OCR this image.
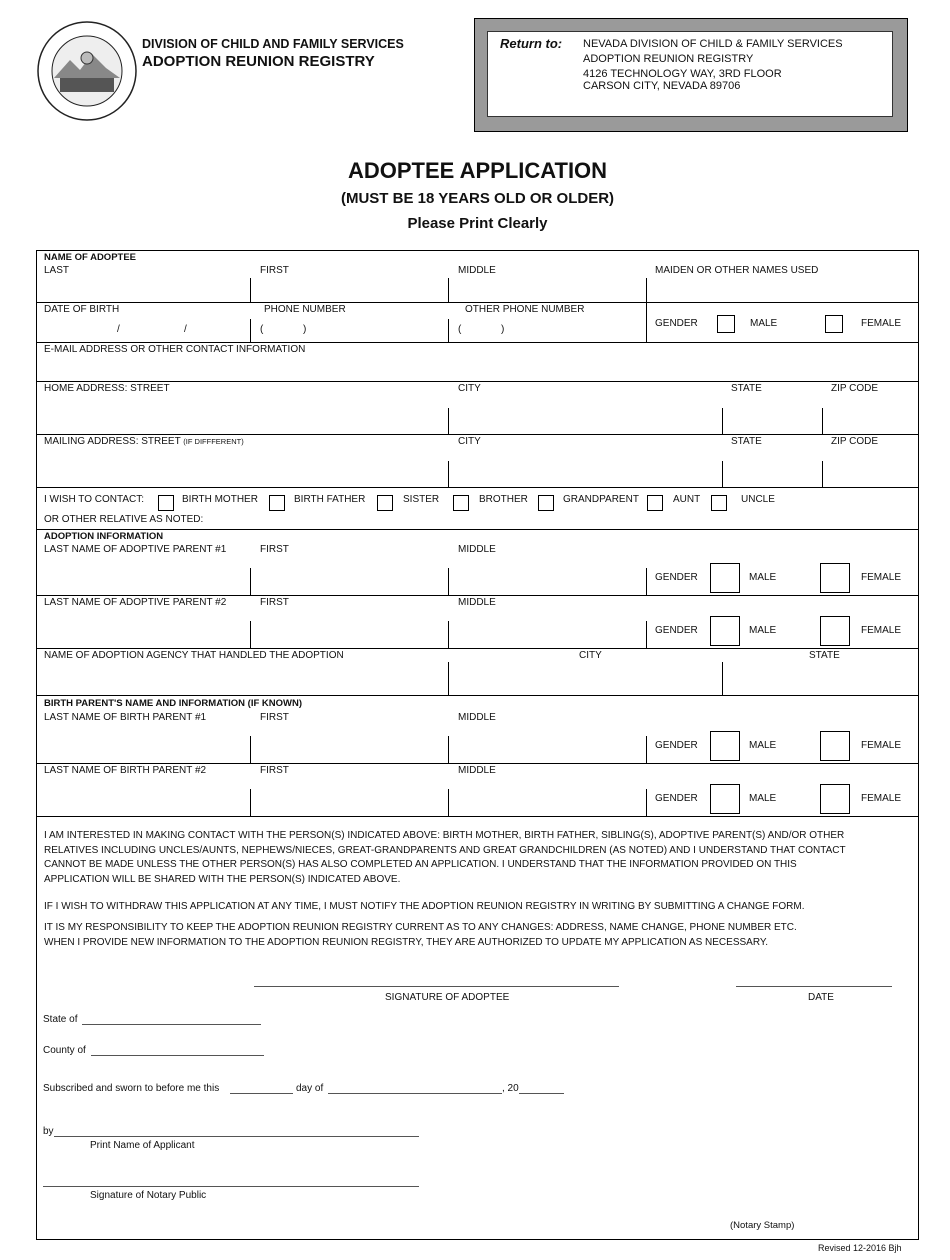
DIVISION OF CHILD AND FAMILY SERVICES
ADOPTION REUNION REGISTRY
Return to: NEVADA DIVISION OF CHILD & FAMILY SERVICES
ADOPTION REUNION REGISTRY
4126 TECHNOLOGY WAY, 3RD FLOOR
CARSON CITY, NEVADA 89706
ADOPTEE APPLICATION
(MUST BE 18 YEARS OLD OR OLDER)
Please Print Clearly
NAME OF ADOPTEE
LAST	FIRST	MIDDLE	MAIDEN OR OTHER NAMES USED
DATE OF BIRTH	PHONE NUMBER	OTHER PHONE NUMBER
/	/	(	)	(	)
GENDER	MALE	FEMALE
E-MAIL ADDRESS OR OTHER CONTACT INFORMATION
HOME ADDRESS: STREET	CITY	STATE	ZIP CODE
MAILING ADDRESS: STREET (IF DIFFFERENT)	CITY	STATE	ZIP CODE
I WISH TO CONTACT:	BIRTH MOTHER	BIRTH FATHER	SISTER	BROTHER	GRANDPARENT	AUNT	UNCLE
OR OTHER RELATIVE AS NOTED:
ADOPTION INFORMATION
LAST NAME OF ADOPTIVE PARENT #1	FIRST	MIDDLE
GENDER	MALE	FEMALE
LAST NAME OF ADOPTIVE PARENT #2	FIRST	MIDDLE
GENDER	MALE	FEMALE
NAME OF ADOPTION AGENCY THAT HANDLED THE ADOPTION	CITY	STATE
BIRTH PARENT'S NAME AND INFORMATION (IF KNOWN)
LAST NAME OF BIRTH PARENT #1	FIRST	MIDDLE
GENDER	MALE	FEMALE
LAST NAME OF BIRTH PARENT #2	FIRST	MIDDLE
GENDER	MALE	FEMALE
I AM INTERESTED IN MAKING CONTACT WITH THE PERSON(S) INDICATED ABOVE: BIRTH MOTHER, BIRTH FATHER, SIBLING(S), ADOPTIVE PARENT(S) AND/OR OTHER
RELATIVES INCLUDING UNCLES/AUNTS, NEPHEWS/NIECES, GREAT-GRANDPARENTS AND GREAT GRANDCHILDREN (AS NOTED) AND I UNDERSTAND THAT CONTACT
CANNOT BE MADE UNLESS THE OTHER PERSON(S) HAS ALSO COMPLETED AN APPLICATION. I UNDERSTAND THAT THE INFORMATION PROVIDED ON THIS
APPLICATION WILL BE SHARED WITH THE PERSON(S) INDICATED ABOVE.
IF I WISH TO WITHDRAW THIS APPLICATION AT ANY TIME, I MUST NOTIFY THE ADOPTION REUNION REGISTRY IN WRITING BY SUBMITTING A CHANGE FORM.
IT IS MY RESPONSIBILITY TO KEEP THE ADOPTION REUNION REGISTRY CURRENT AS TO ANY CHANGES: ADDRESS, NAME CHANGE, PHONE NUMBER ETC.
WHEN I PROVIDE NEW INFORMATION TO THE ADOPTION REUNION REGISTRY, THEY ARE AUTHORIZED TO UPDATE MY APPLICATION AS NECESSARY.
SIGNATURE OF ADOPTEE	DATE
State of
County of
Subscribed and sworn to before me this	day of	, 20
by
Print Name of Applicant
Signature of Notary Public
(Notary Stamp)
Revised 12-2016 Bjh
